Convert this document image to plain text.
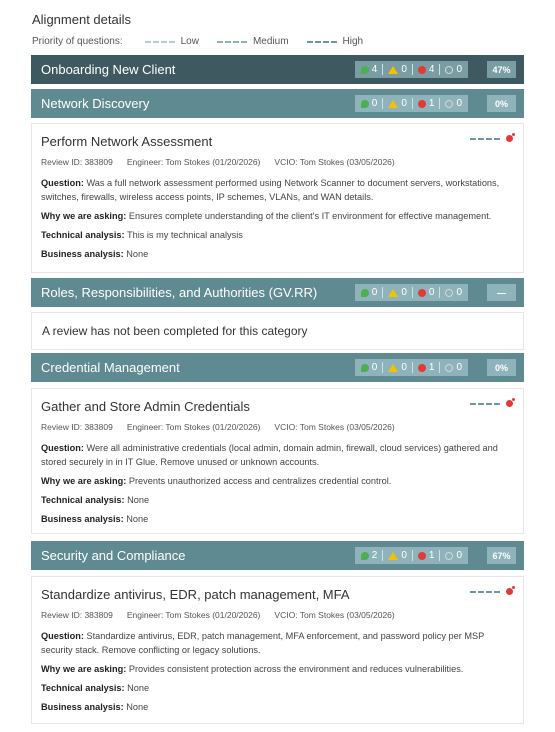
Alignment details
Priority of questions:	Low	Medium	High
Onboarding New Client	4 0 4 0	47%
Network Discovery	0 0 1 0	0%
Perform Network Assessment
Review ID: 383809 Engineer: Tom Stokes (01/20/2026) VCIO: Tom Stokes (03/05/2026)
Question: Was a full network assessment performed using Network Scanner to document servers, workstations, switches, firewalls, wireless access points, IP schemes, VLANs, and WAN details.
Why we are asking: Ensures complete understanding of the client's IT environment for effective management.
Technical analysis: This is my technical analysis
Business analysis: None
Roles, Responsibilities, and Authorities (GV.RR)	0 0 0 0	—
A review has not been completed for this category
Credential Management	0 0 1 0	0%
Gather and Store Admin Credentials
Review ID: 383809 Engineer: Tom Stokes (01/20/2026) VCIO: Tom Stokes (03/05/2026)
Question: Were all administrative credentials (local admin, domain admin, firewall, cloud services) gathered and stored securely in in IT Glue. Remove unused or unknown accounts.
Why we are asking: Prevents unauthorized access and centralizes credential control.
Technical analysis: None
Business analysis: None
Security and Compliance	2 0 1 0	67%
Standardize antivirus, EDR, patch management, MFA
Review ID: 383809 Engineer: Tom Stokes (01/20/2026) VCIO: Tom Stokes (03/05/2026)
Question: Standardize antivirus, EDR, patch management, MFA enforcement, and password policy per MSP security stack. Remove conflicting or legacy solutions.
Why we are asking: Provides consistent protection across the environment and reduces vulnerabilities.
Technical analysis: None
Business analysis: None
